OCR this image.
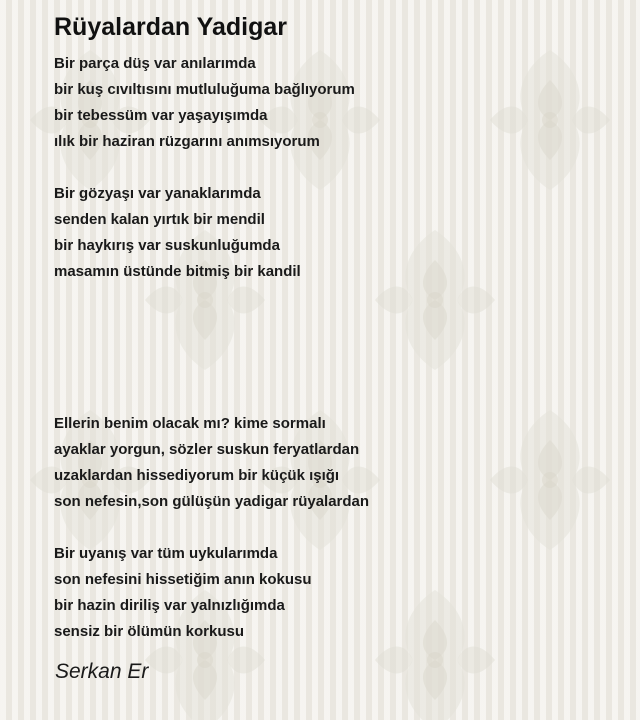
Rüyalardan Yadigar
Bir parça düş var anılarımda
bir kuş cıvıltısını mutluluğuma bağlıyorum
bir tebessüm var yaşayışımda
ılık bir haziran rüzgarını anımsıyorum
Bir gözyaşı var yanaklarımda
senden kalan yırtık bir mendil
bir haykırış var suskunluğumda
masamın üstünde bitmiş bir kandil
Ellerin benim olacak mı? kime sormalı
ayaklar yorgun, sözler suskun feryatlardan
uzaklardan hissediyorum bir küçük ışığı
son nefesin,son gülüşün yadigar rüyalardan
Bir uyanış var tüm uykularımda
son nefesini hissetiğim anın kokusu
bir hazin diriliş var yalnızlığımda
sensiz bir ölümün korkusu
Serkan Er
